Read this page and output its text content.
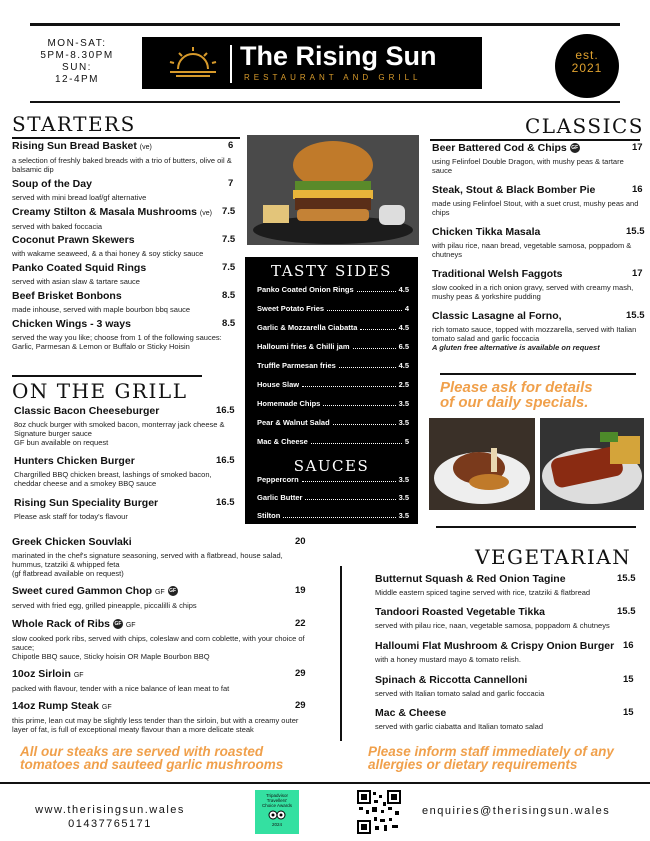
MON-SAT:
5PM-8.30PM
SUN:
12-4PM
The Rising Sun
RESTAURANT AND GRILL
est.
2021
STARTERS
Rising Sun Bread Basket (ve)
a selection of freshly baked breads with a trio of butters, olive oil & balsamic dip
6
Soup of the Day
served with mini bread loaf/gf alternative
7
Creamy Stilton & Masala Mushrooms (ve)
served with baked foccacia
7.5
Coconut Prawn Skewers
with wakame seaweed, & a thai honey & soy sticky sauce
7.5
Panko Coated Squid Rings
served with asian slaw & tartare sauce
7.5
Beef Brisket Bonbons
made inhouse, served with maple bourbon bbq sauce
8.5
Chicken Wings - 3 ways
served the way you like; choose from 1 of the following sauces: Garlic, Parmesan & Lemon or Buffalo or Sticky Hoisin
8.5
ON THE GRILL
Classic Bacon Cheeseburger
8oz chuck burger with smoked bacon, monterray jack cheese & Signature burger sauce
GF bun available on request
16.5
Hunters Chicken Burger
Chargrilled BBQ chicken breast, lashings of smoked bacon, cheddar cheese and a smokey BBQ sauce
16.5
Rising Sun Speciality Burger
Please ask staff for today's flavour
16.5
Greek Chicken Souvlaki
marinated in the chef's signature seasoning, served with a flatbread, house salad, hummus, tzatziki & whipped feta
(gf flatbread available on request)
20
Sweet cured Gammon Chop GF GF
served with fried egg, grilled pineapple, piccalilli & chips
19
Whole Rack of Ribs GF GF
slow cooked pork ribs, served with chips, coleslaw and corn coblette, with your choice of sauce;
Chipotle BBQ sauce, Sticky hoisin OR Maple Bourbon BBQ
22
10oz Sirloin GF
packed with flavour, tender with a nice balance of lean meat to fat
29
14oz Rump Steak GF
this prime, lean cut may be slightly less tender than the sirloin, but with a creamy outer layer of fat, is full of exceptional meaty flavour than a more delicate steak
29
All our steaks are served with roasted
tomatoes and sauteed garlic mushrooms
TASTY SIDES
Panko Coated Onion Rings	4.5
Sweet Potato Fries	4
Garlic & Mozzarella Ciabatta	4.5
Halloumi fries & Chilli jam	6.5
Truffle Parmesan fries	4.5
House Slaw	2.5
Homemade Chips	3.5
Pear & Walnut Salad	3.5
Mac & Cheese	5
SAUCES
Peppercorn	3.5
Garlic Butter	3.5
Stilton	3.5
CLASSICS
Beer Battered Cod & Chips GF
using Felinfoel Double Dragon, with mushy peas & tartare sauce
17
Steak, Stout & Black Bomber Pie
made using Felinfoel Stout, with a suet crust, mushy peas and chips
16
Chicken Tikka Masala
with pilau rice, naan bread, vegetable samosa, poppadom & chutneys
15.5
Traditional Welsh Faggots
slow cooked in a rich onion gravy, served with creamy mash, mushy peas & yorkshire pudding
17
Classic Lasagne al Forno,
rich tomato sauce, topped with mozzarella, served with Italian tomato salad and garlic foccacia
A gluten free alternative is available on request
15.5
Please ask for details
of our daily specials.
VEGETARIAN
Butternut Squash & Red Onion Tagine
Middle eastern spiced tagine served with rice, tzatziki & flatbread
15.5
Tandoori Roasted Vegetable Tikka
served with pilau rice, naan, vegetable samosa, poppadom & chutneys
15.5
Halloumi Flat Mushroom & Crispy Onion Burger
with a honey mustard mayo & tomato relish.
16
Spinach & Riccotta Cannelloni
served with Italian tomato salad and garlic foccacia
15
Mac & Cheese
served with garlic ciabatta and Italian tomato salad
15
Please inform staff immediately of any
allergies or dietary requirements
www.therisingsun.wales
01437765171
Tripadvisor
Travellers'
Choice Awards
2024
enquiries@therisingsun.wales
